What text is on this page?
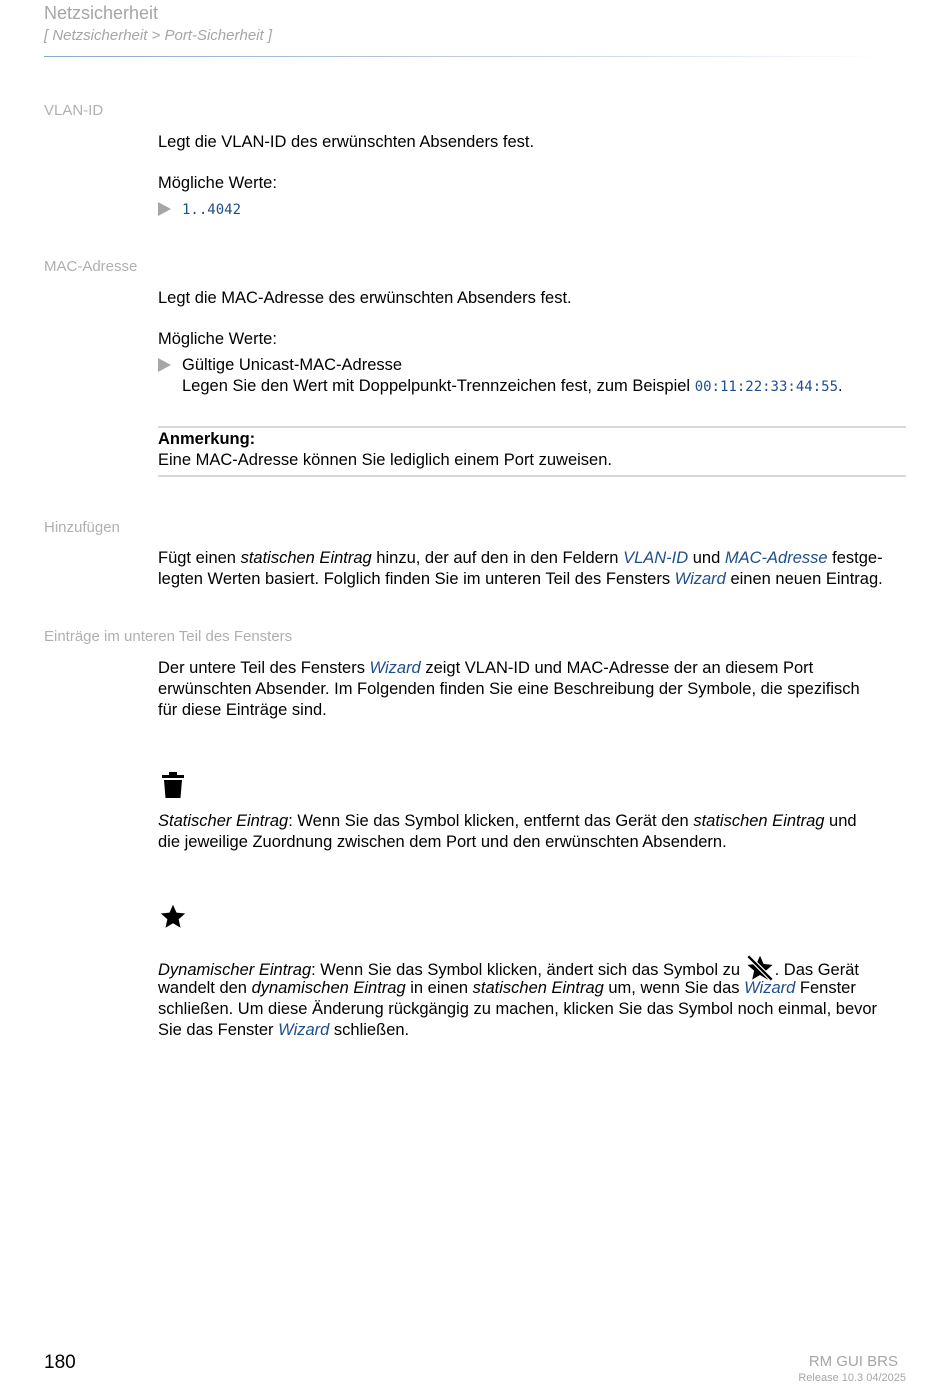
Netzsicherheit
[ Netzsicherheit > Port-Sicherheit ]
VLAN-ID
Legt die VLAN-ID des erwünschten Absenders fest.
Mögliche Werte:
1..4042
MAC-Adresse
Legt die MAC-Adresse des erwünschten Absenders fest.
Mögliche Werte:
Gültige Unicast-MAC-Adresse
Legen Sie den Wert mit Doppelpunkt-Trennzeichen fest, zum Beispiel 00:11:22:33:44:55.
Anmerkung:
Eine MAC-Adresse können Sie lediglich einem Port zuweisen.
Hinzufügen
Fügt einen statischen Eintrag hinzu, der auf den in den Feldern VLAN-ID und MAC-Adresse festge-
legten Werten basiert. Folglich finden Sie im unteren Teil des Fensters Wizard einen neuen Eintrag.
Einträge im unteren Teil des Fensters
Der untere Teil des Fensters Wizard zeigt VLAN-ID und MAC-Adresse der an diesem Port
erwünschten Absender. Im Folgenden finden Sie eine Beschreibung der Symbole, die spezifisch
für diese Einträge sind.
Statischer Eintrag: Wenn Sie das Symbol klicken, entfernt das Gerät den statischen Eintrag und
die jeweilige Zuordnung zwischen dem Port und den erwünschten Absendern.
Dynamischer Eintrag: Wenn Sie das Symbol klicken, ändert sich das Symbol zu . Das Gerät
wandelt den dynamischen Eintrag in einen statischen Eintrag um, wenn Sie das Wizard Fenster
schließen. Um diese Änderung rückgängig zu machen, klicken Sie das Symbol noch einmal, bevor
Sie das Fenster Wizard schließen.
180	RM GUI BRS
Release 10.3 04/2025
